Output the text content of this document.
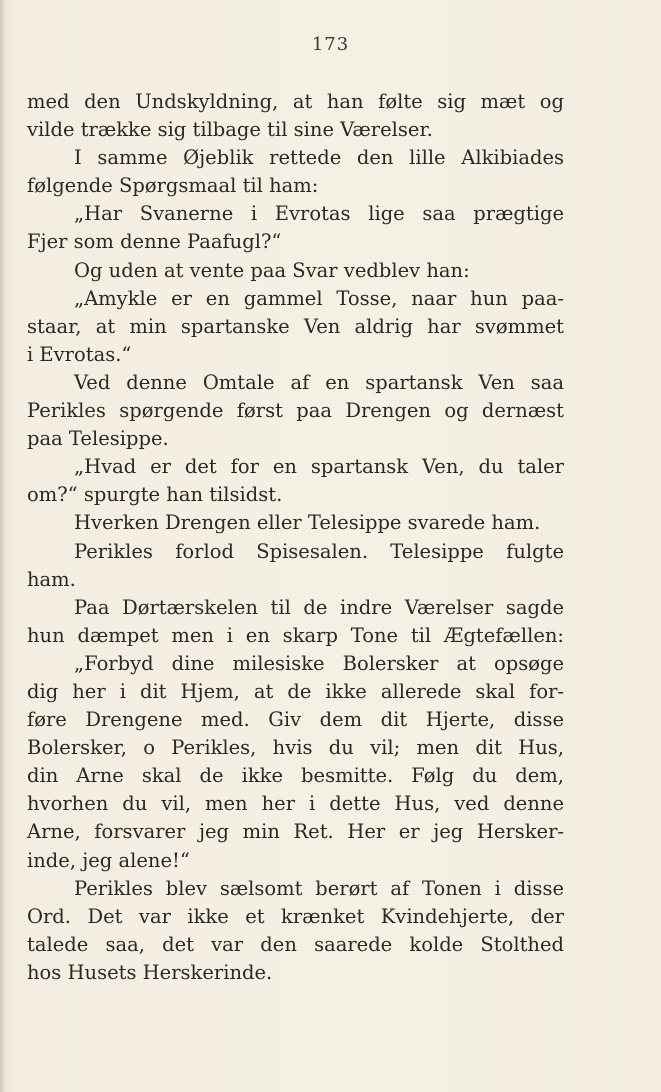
173
med den Undskyldning, at han følte sig mæt og
vilde trække sig tilbage til sine Værelser.
I samme Øjeblik rettede den lille Alkibiades
følgende Spørgsmaal til ham:
„Har Svanerne i Evrotas lige saa prægtige
Fjer som denne Paafugl?“
Og uden at vente paa Svar vedblev han:
„Amykle er en gammel Tosse, naar hun paa-
staar, at min spartanske Ven aldrig har svømmet
i Evrotas.“
Ved denne Omtale af en spartansk Ven saa
Perikles spørgende først paa Drengen og dernæst
paa Telesippe.
„Hvad er det for en spartansk Ven, du taler
om?“ spurgte han tilsidst.
Hverken Drengen eller Telesippe svarede ham.
Perikles forlod Spisesalen. Telesippe fulgte
ham.
Paa Dørtærskelen til de indre Værelser sagde
hun dæmpet men i en skarp Tone til Ægtefællen:
„Forbyd dine milesiske Bolersker at opsøge
dig her i dit Hjem, at de ikke allerede skal for-
føre Drengene med. Giv dem dit Hjerte, disse
Bolersker, o Perikles, hvis du vil; men dit Hus,
din Arne skal de ikke besmitte. Følg du dem,
hvorhen du vil, men her i dette Hus, ved denne
Arne, forsvarer jeg min Ret. Her er jeg Hersker-
inde, jeg alene!“
Perikles blev sælsomt berørt af Tonen i disse
Ord. Det var ikke et krænket Kvindehjerte, der
talede saa, det var den saarede kolde Stolthed
hos Husets Herskerinde.
